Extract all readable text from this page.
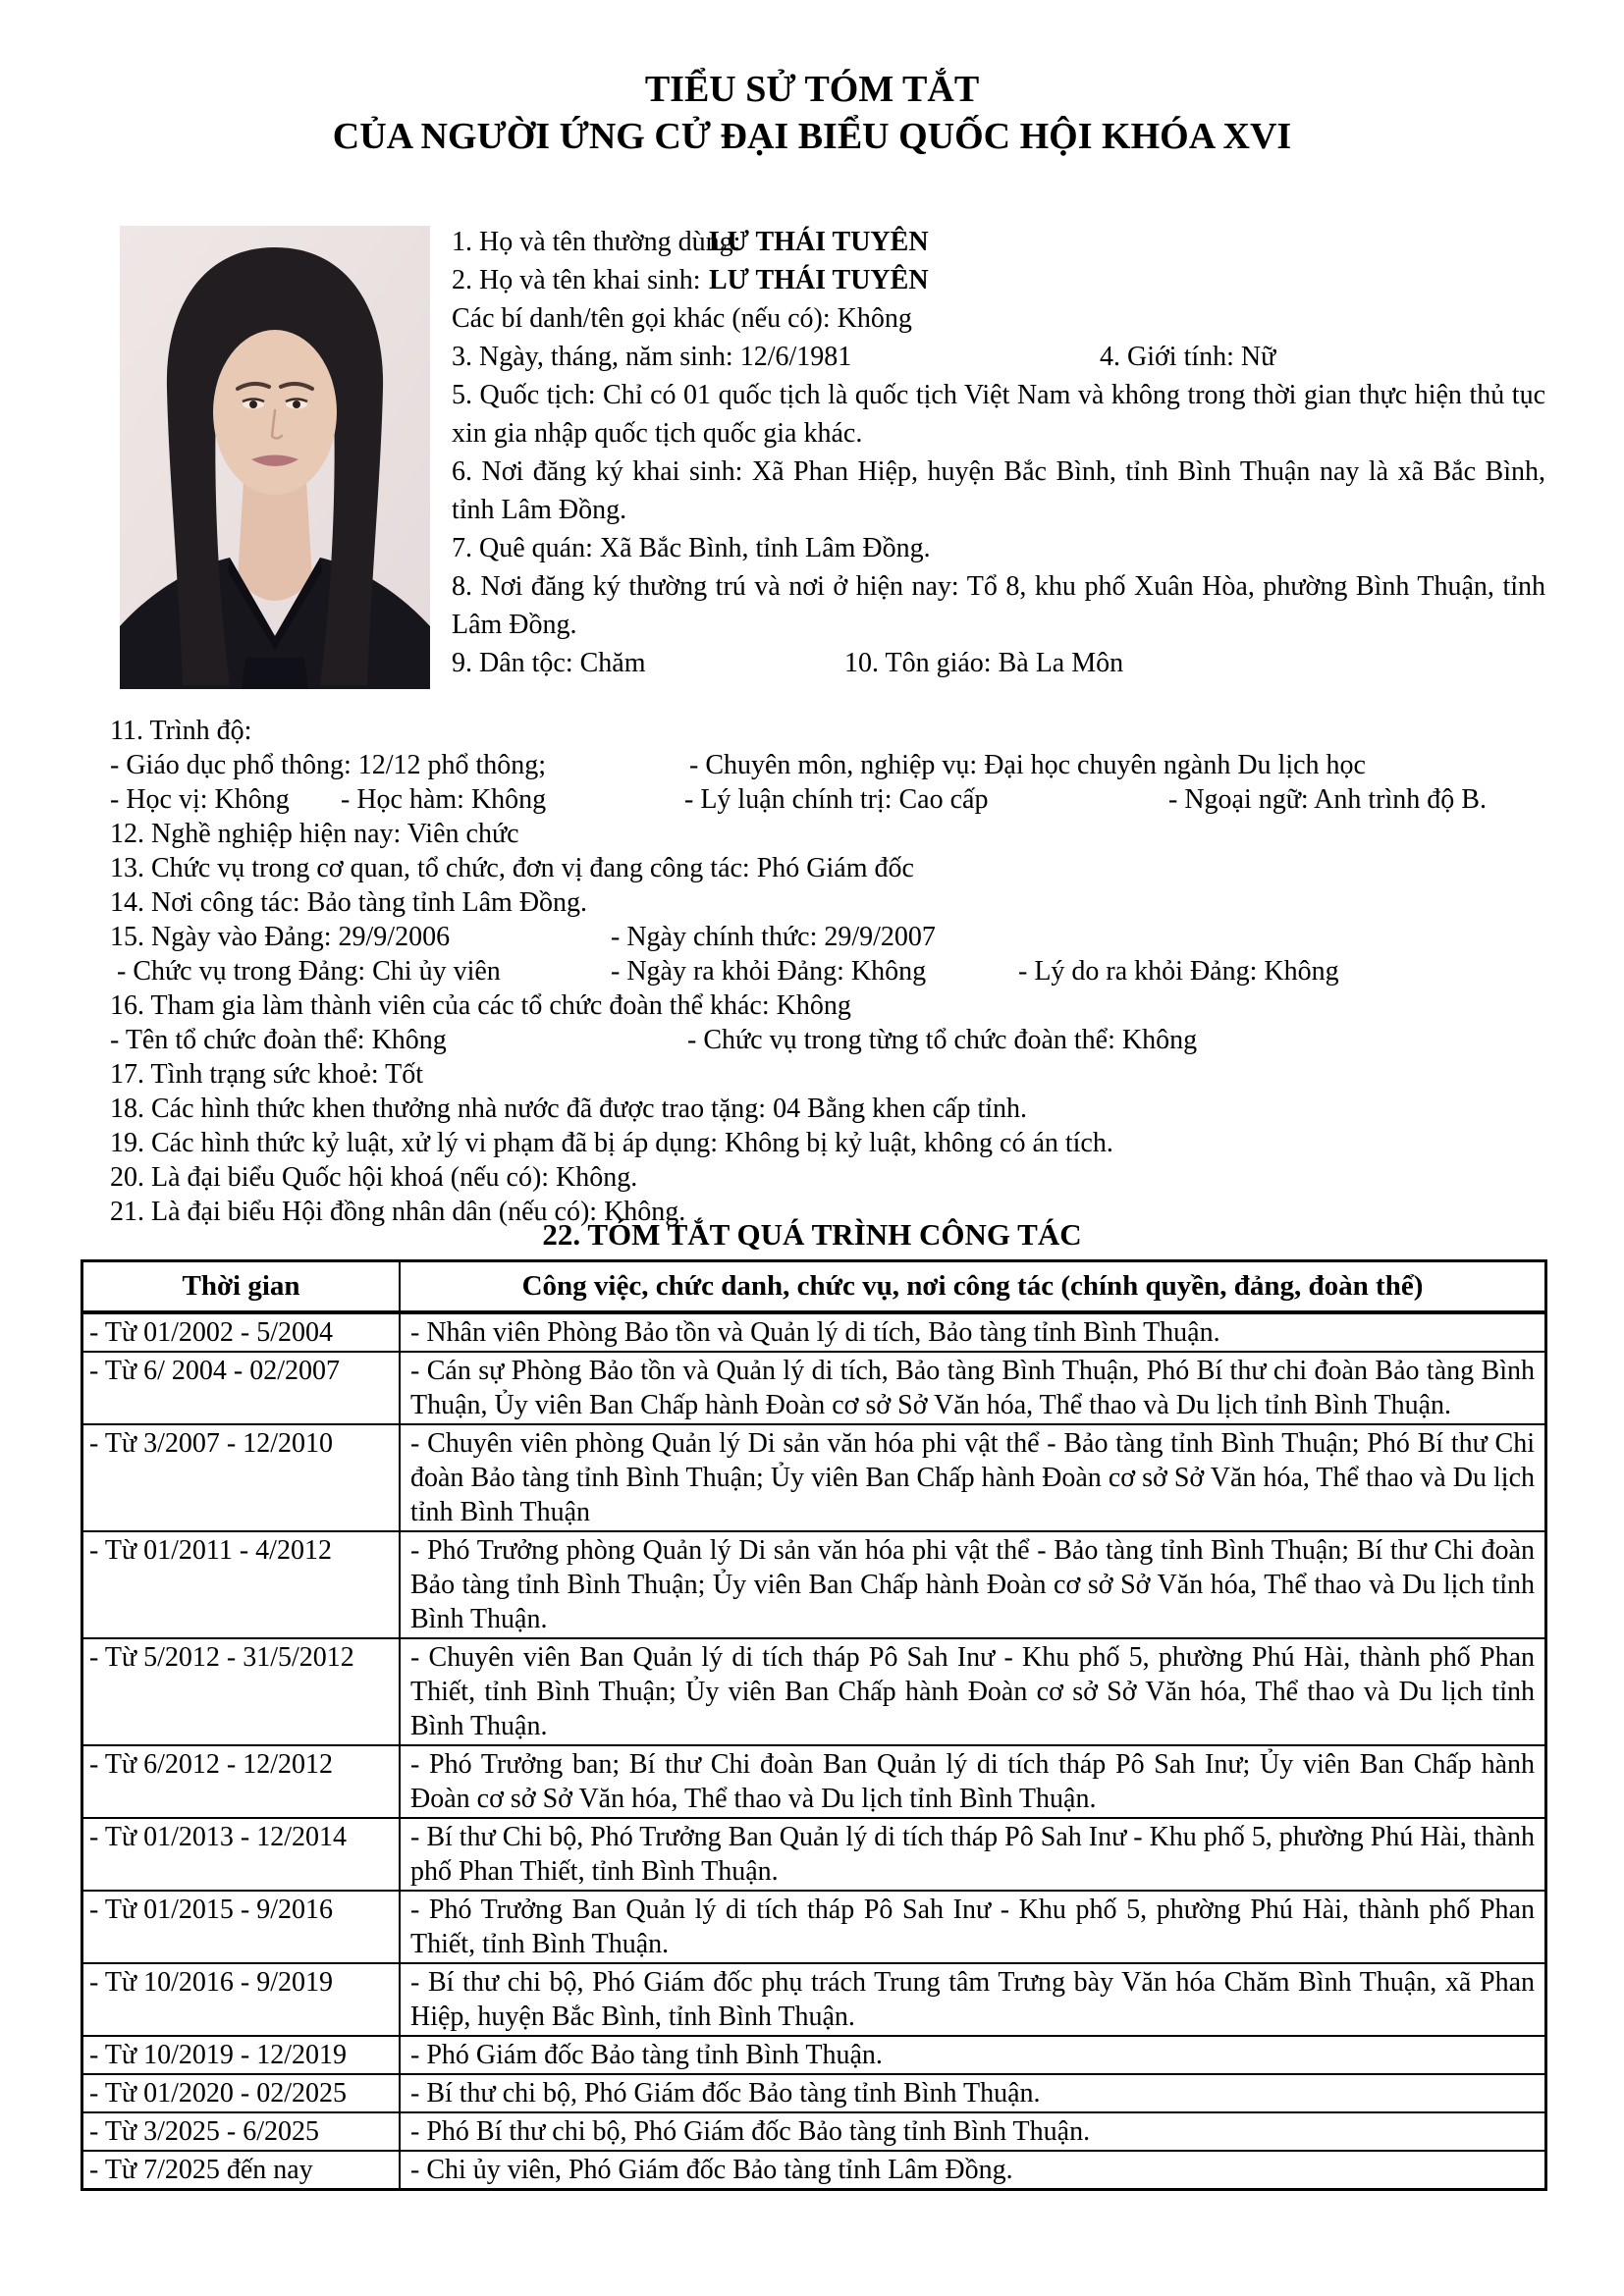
TIỂU SỬ TÓM TẮT
CỦA NGƯỜI ỨNG CỬ ĐẠI BIỂU QUỐC HỘI KHÓA XVI
1. Họ và tên thường dùng:
LƯ THÁI TUYÊN
2. Họ và tên khai sinh: LƯ THÁI TUYÊN
Các bí danh/tên gọi khác (nếu có): Không
3. Ngày, tháng, năm sinh: 12/6/1981	4. Giới tính: Nữ
5. Quốc tịch: Chỉ có 01 quốc tịch là quốc tịch Việt Nam và không trong thời gian thực hiện thủ tục xin gia nhập quốc tịch quốc gia khác.
6. Nơi đăng ký khai sinh: Xã Phan Hiệp, huyện Bắc Bình, tỉnh Bình Thuận nay là xã Bắc Bình, tỉnh Lâm Đồng.
7. Quê quán: Xã Bắc Bình, tỉnh Lâm Đồng.
8. Nơi đăng ký thường trú và nơi ở hiện nay: Tổ 8, khu phố Xuân Hòa, phường Bình Thuận, tỉnh Lâm Đồng.
9. Dân tộc: Chăm	10. Tôn giáo: Bà La Môn
11. Trình độ:
- Giáo dục phổ thông: 12/12 phổ thông;	- Chuyên môn, nghiệp vụ: Đại học chuyên ngành Du lịch học
- Học vị: Không - Học hàm: Không	- Lý luận chính trị: Cao cấp	- Ngoại ngữ: Anh trình độ B.
12. Nghề nghiệp hiện nay: Viên chức
13. Chức vụ trong cơ quan, tổ chức, đơn vị đang công tác: Phó Giám đốc
14. Nơi công tác: Bảo tàng tỉnh Lâm Đồng.
15. Ngày vào Đảng: 29/9/2006	- Ngày chính thức: 29/9/2007
- Chức vụ trong Đảng: Chi ủy viên	- Ngày ra khỏi Đảng: Không	- Lý do ra khỏi Đảng: Không
16. Tham gia làm thành viên của các tổ chức đoàn thể khác: Không
- Tên tổ chức đoàn thể: Không	- Chức vụ trong từng tổ chức đoàn thể: Không
17. Tình trạng sức khoẻ: Tốt
18. Các hình thức khen thưởng nhà nước đã được trao tặng: 04 Bằng khen cấp tỉnh.
19. Các hình thức kỷ luật, xử lý vi phạm đã bị áp dụng: Không bị kỷ luật, không có án tích.
20. Là đại biểu Quốc hội khoá (nếu có): Không.
21. Là đại biểu Hội đồng nhân dân (nếu có): Không.
22. TÓM TẮT QUÁ TRÌNH CÔNG TÁC
Thời gian	Công việc, chức danh, chức vụ, nơi công tác (chính quyền, đảng, đoàn thể)
- Từ 01/2002 - 5/2004	- Nhân viên Phòng Bảo tồn và Quản lý di tích, Bảo tàng tỉnh Bình Thuận.
- Từ 6/ 2004 - 02/2007	- Cán sự Phòng Bảo tồn và Quản lý di tích, Bảo tàng Bình Thuận, Phó Bí thư chi đoàn Bảo tàng Bình Thuận, Ủy viên Ban Chấp hành Đoàn cơ sở Sở Văn hóa, Thể thao và Du lịch tỉnh Bình Thuận.
- Từ 3/2007 - 12/2010	- Chuyên viên phòng Quản lý Di sản văn hóa phi vật thể - Bảo tàng tỉnh Bình Thuận; Phó Bí thư Chi đoàn Bảo tàng tỉnh Bình Thuận; Ủy viên Ban Chấp hành Đoàn cơ sở Sở Văn hóa, Thể thao và Du lịch tỉnh Bình Thuận
- Từ 01/2011 - 4/2012	- Phó Trưởng phòng Quản lý Di sản văn hóa phi vật thể - Bảo tàng tỉnh Bình Thuận; Bí thư Chi đoàn Bảo tàng tỉnh Bình Thuận; Ủy viên Ban Chấp hành Đoàn cơ sở Sở Văn hóa, Thể thao và Du lịch tỉnh Bình Thuận.
- Từ 5/2012 - 31/5/2012	- Chuyên viên Ban Quản lý di tích tháp Pô Sah Inư - Khu phố 5, phường Phú Hài, thành phố Phan Thiết, tỉnh Bình Thuận; Ủy viên Ban Chấp hành Đoàn cơ sở Sở Văn hóa, Thể thao và Du lịch tỉnh Bình Thuận.
- Từ 6/2012 - 12/2012	- Phó Trưởng ban; Bí thư Chi đoàn Ban Quản lý di tích tháp Pô Sah Inư; Ủy viên Ban Chấp hành Đoàn cơ sở Sở Văn hóa, Thể thao và Du lịch tỉnh Bình Thuận.
- Từ 01/2013 - 12/2014	- Bí thư Chi bộ, Phó Trưởng Ban Quản lý di tích tháp Pô Sah Inư - Khu phố 5, phường Phú Hài, thành phố Phan Thiết, tỉnh Bình Thuận.
- Từ 01/2015 - 9/2016	- Phó Trưởng Ban Quản lý di tích tháp Pô Sah Inư - Khu phố 5, phường Phú Hài, thành phố Phan Thiết, tỉnh Bình Thuận.
- Từ 10/2016 - 9/2019	- Bí thư chi bộ, Phó Giám đốc phụ trách Trung tâm Trưng bày Văn hóa Chăm Bình Thuận, xã Phan Hiệp, huyện Bắc Bình, tỉnh Bình Thuận.
- Từ 10/2019 - 12/2019	- Phó Giám đốc Bảo tàng tỉnh Bình Thuận.
- Từ 01/2020 - 02/2025	- Bí thư chi bộ, Phó Giám đốc Bảo tàng tỉnh Bình Thuận.
- Từ 3/2025 - 6/2025	- Phó Bí thư chi bộ, Phó Giám đốc Bảo tàng tỉnh Bình Thuận.
- Từ 7/2025 đến nay	- Chi ủy viên, Phó Giám đốc Bảo tàng tỉnh Lâm Đồng.
